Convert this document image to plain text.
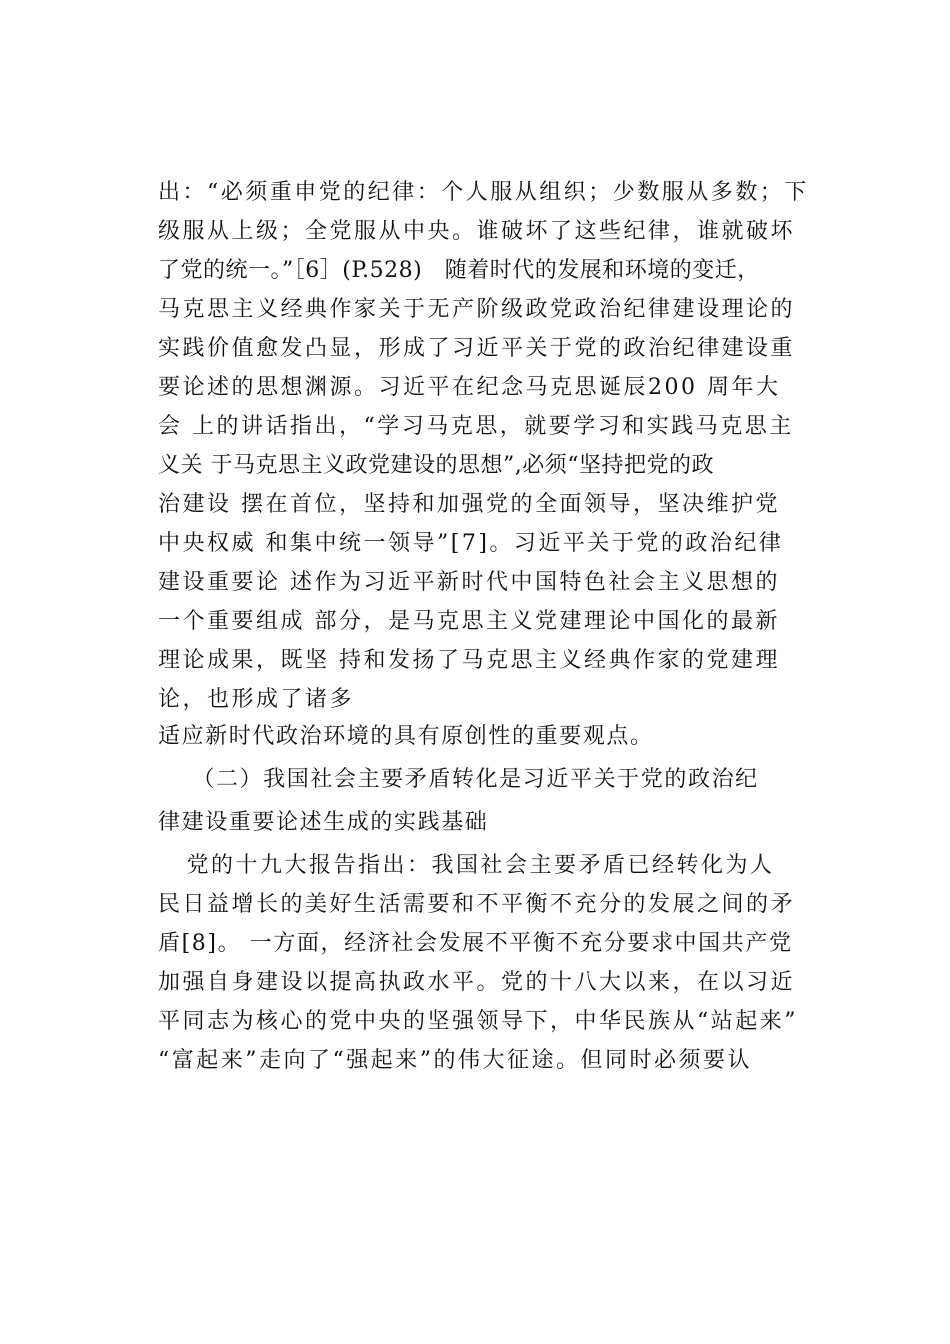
出：“必须重申党的纪律：个人服从组织；少数服从多数；下
级服从上级；全党服从中央。谁破坏了这些纪律，谁就破坏
了党的统一。”［6］(P.528)   随着时代的发展和环境的变迁，
马克思主义经典作家关于无产阶级政党政治纪律建设理论的
实践价值愈发凸显，形成了习近平关于党的政治纪律建设重
要论述的思想渊源。习近平在纪念马克思诞辰200 周年大
会 上的讲话指出，“学习马克思，就要学习和实践马克思主
义关 于马克思主义政党建设的思想”,必须“坚持把党的政
治建设 摆在首位，坚持和加强党的全面领导，坚决维护党
中央权威 和集中统一领导”[7]。习近平关于党的政治纪律
建设重要论 述作为习近平新时代中国特色社会主义思想的
一个重要组成 部分，是马克思主义党建理论中国化的最新
理论成果，既坚 持和发扬了马克思主义经典作家的党建理
论，也形成了诸多
适应新时代政治环境的具有原创性的重要观点。
（二）我国社会主要矛盾转化是习近平关于党的政治纪
律建设重要论述生成的实践基础
党的十九大报告指出：我国社会主要矛盾已经转化为人
民日益增长的美好生活需要和不平衡不充分的发展之间的矛
盾[8]。 一方面，经济社会发展不平衡不充分要求中国共产党
加强自身建设以提高执政水平。党的十八大以来，在以习近
平同志为核心的党中央的坚强领导下，中华民族从“站起来”
“富起来”走向了“强起来”的伟大征途。但同时必须要认
